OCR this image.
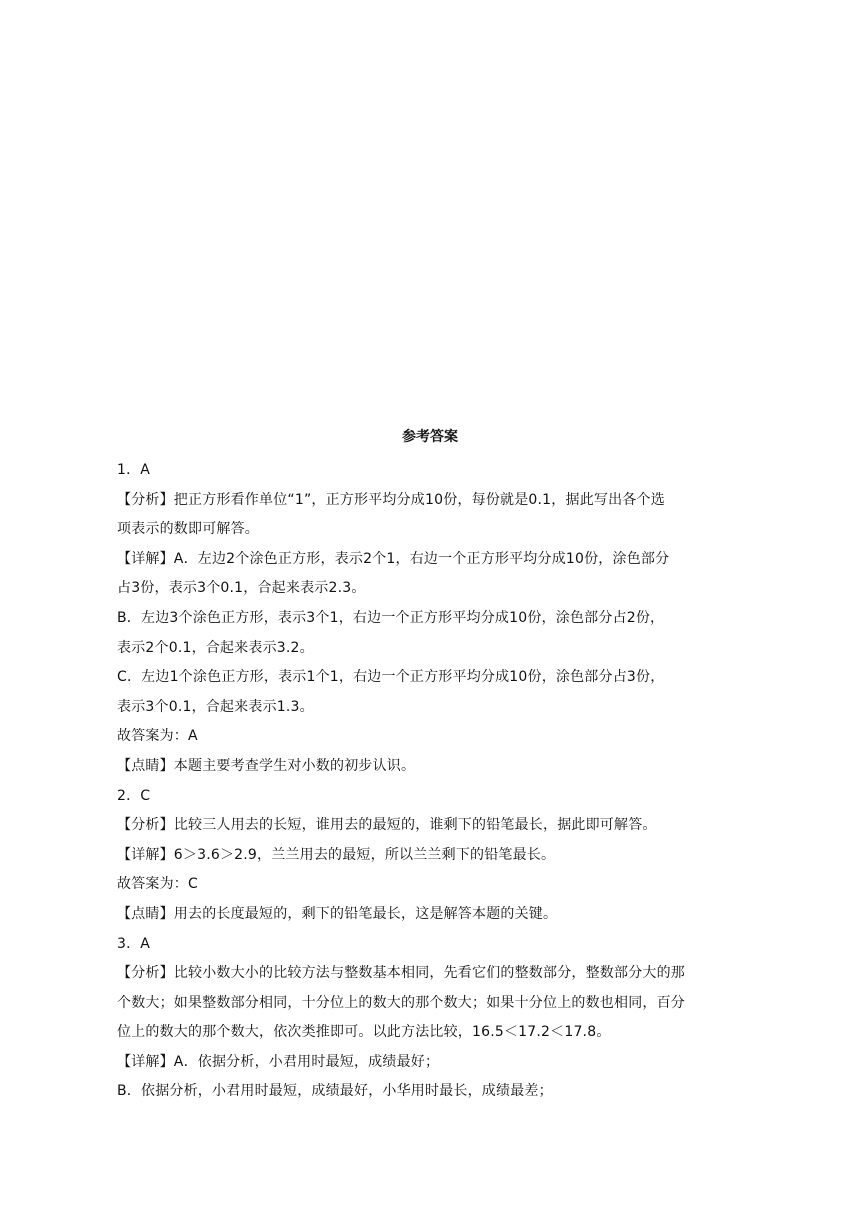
参考答案
1．A
【分析】把正方形看作单位“1”，正方形平均分成10份，每份就是0.1，据此写出各个选
项表示的数即可解答。
【详解】A．左边2个涂色正方形，表示2个1，右边一个正方形平均分成10份，涂色部分
占3份，表示3个0.1，合起来表示2.3。
B．左边3个涂色正方形，表示3个1，右边一个正方形平均分成10份，涂色部分占2份，
表示2个0.1，合起来表示3.2。
C．左边1个涂色正方形，表示1个1，右边一个正方形平均分成10份，涂色部分占3份，
表示3个0.1，合起来表示1.3。
故答案为：A
【点睛】本题主要考查学生对小数的初步认识。
2．C
【分析】比较三人用去的长短，谁用去的最短的，谁剩下的铅笔最长，据此即可解答。
【详解】6＞3.6＞2.9，兰兰用去的最短，所以兰兰剩下的铅笔最长。
故答案为：C
【点睛】用去的长度最短的，剩下的铅笔最长，这是解答本题的关键。
3．A
【分析】比较小数大小的比较方法与整数基本相同，先看它们的整数部分，整数部分大的那
个数大；如果整数部分相同，十分位上的数大的那个数大；如果十分位上的数也相同，百分
位上的数大的那个数大，依次类推即可。以此方法比较，16.5＜17.2＜17.8。
【详解】A．依据分析，小君用时最短，成绩最好；
B．依据分析，小君用时最短，成绩最好，小华用时最长，成绩最差；
